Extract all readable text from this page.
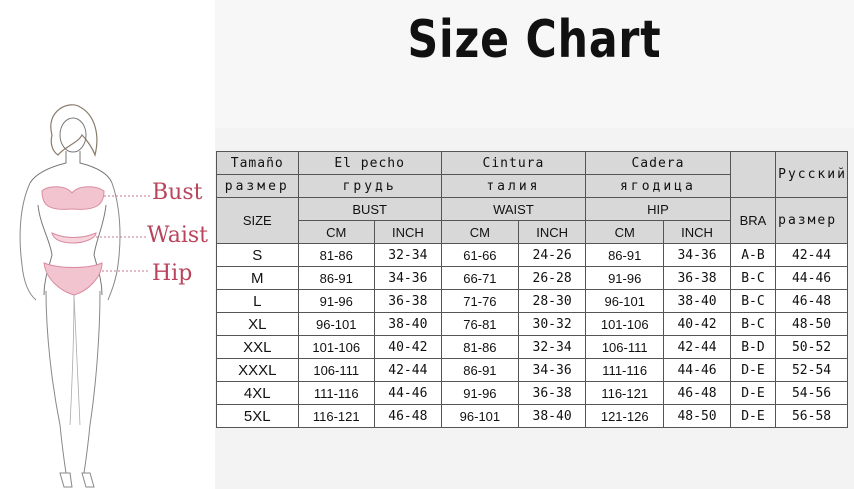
Size Chart
Bust
Waist
Hip
Tamaño	El pecho		Cintura		Cadera			Русский
размер	грудь		талия		ягодица			
SIZE	BUST		WAIST		HIP		BRA	размер
	CM	INCH	CM	INCH	CM	INCH		
S	81-86	32-34	61-66	24-26	86-91	34-36	A-B	42-44
M	86-91	34-36	66-71	26-28	91-96	36-38	B-C	44-46
L	91-96	36-38	71-76	28-30	96-101	38-40	B-C	46-48
XL	96-101	38-40	76-81	30-32	101-106	40-42	B-C	48-50
XXL	101-106	40-42	81-86	32-34	106-111	42-44	B-D	50-52
XXXL	106-111	42-44	86-91	34-36	111-116	44-46	D-E	52-54
4XL	111-116	44-46	91-96	36-38	116-121	46-48	D-E	54-56
5XL	116-121	46-48	96-101	38-40	121-126	48-50	D-E	56-58
